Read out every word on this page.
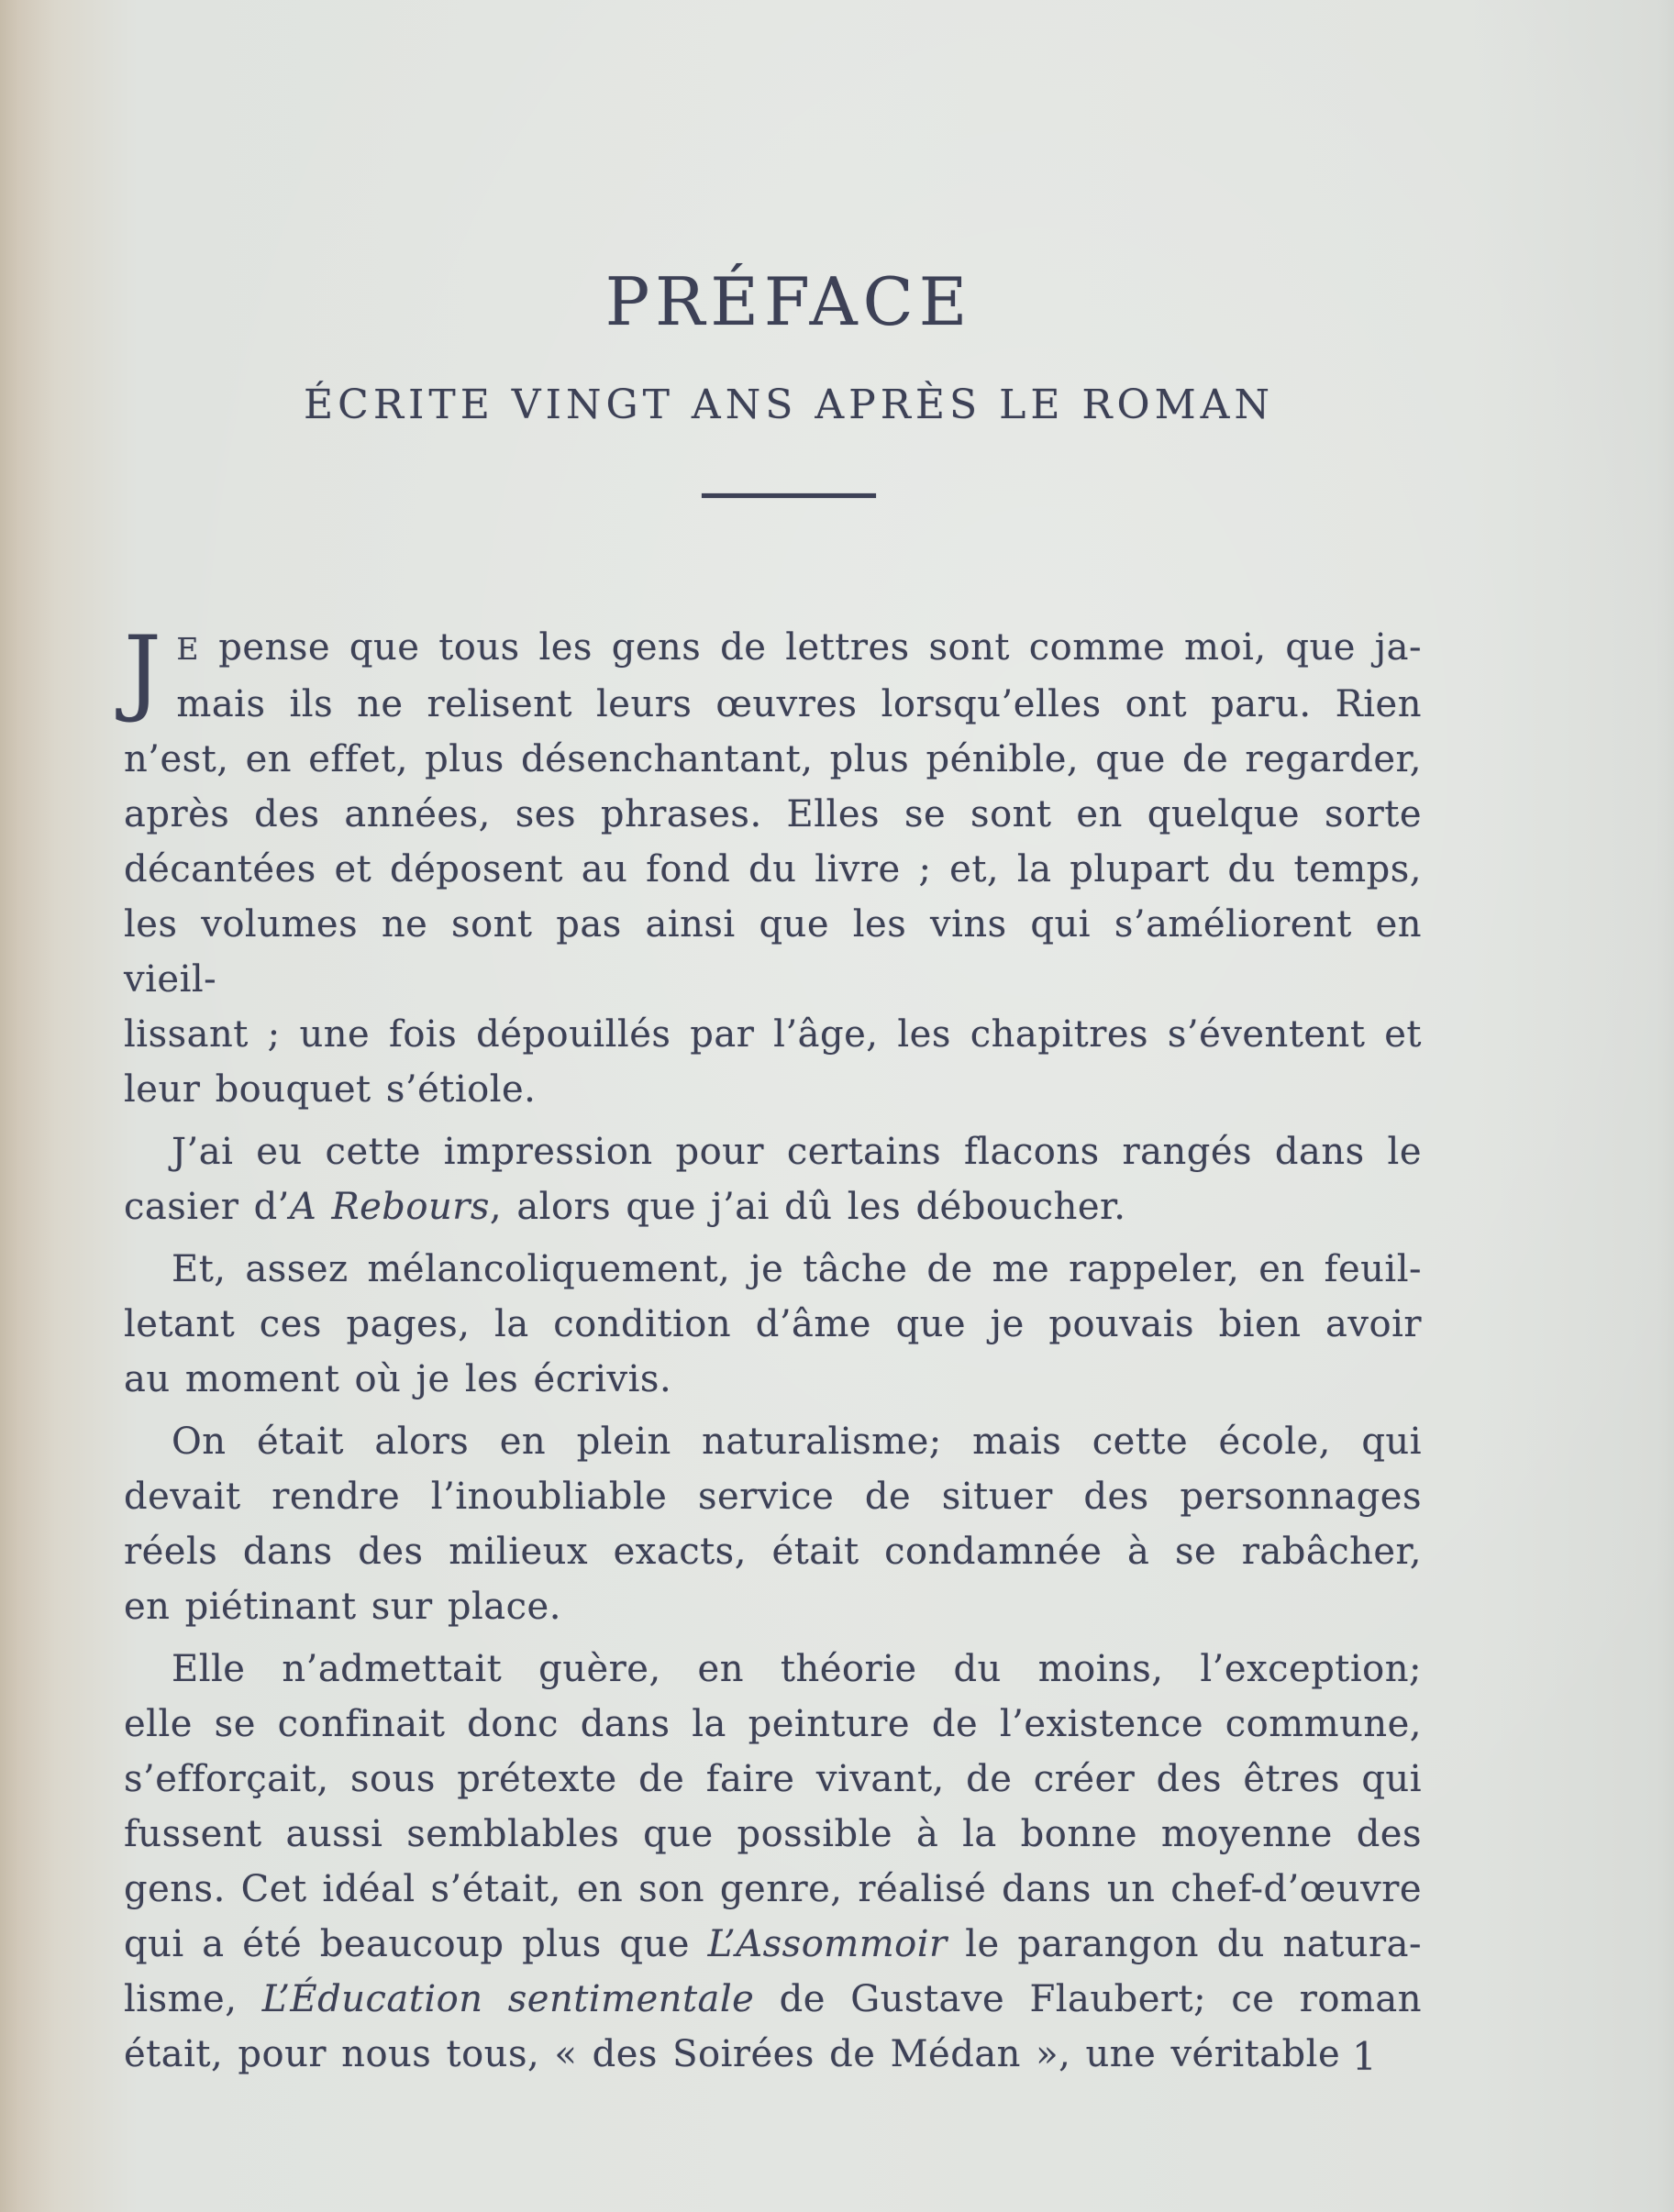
PRÉFACE
ÉCRITE VINGT ANS APRÈS LE ROMAN
J E pense que tous les gens de lettres sont comme moi, que ja-
mais ils ne relisent leurs œuvres lorsqu’elles ont paru. Rien
n’est, en effet, plus désenchantant, plus pénible, que de regarder,
après des années, ses phrases. Elles se sont en quelque sorte
décantées et déposent au fond du livre ; et, la plupart du temps,
les volumes ne sont pas ainsi que les vins qui s’améliorent en vieil-
lissant ; une fois dépouillés par l’âge, les chapitres s’éventent et
leur bouquet s’étiole.
J’ai eu cette impression pour certains flacons rangés dans le
casier d’A Rebours, alors que j’ai dû les déboucher.
Et, assez mélancoliquement, je tâche de me rappeler, en feuil-
letant ces pages, la condition d’âme que je pouvais bien avoir
au moment où je les écrivis.
On était alors en plein naturalisme; mais cette école, qui
devait rendre l’inoubliable service de situer des personnages
réels dans des milieux exacts, était condamnée à se rabâcher,
en piétinant sur place.
Elle n’admettait guère, en théorie du moins, l’exception;
elle se confinait donc dans la peinture de l’existence commune,
s’efforçait, sous prétexte de faire vivant, de créer des êtres qui
fussent aussi semblables que possible à la bonne moyenne des
gens. Cet idéal s’était, en son genre, réalisé dans un chef-d’œuvre
qui a été beaucoup plus que L’Assommoir le parangon du natura-
lisme, L’Éducation sentimentale de Gustave Flaubert; ce roman
était, pour nous tous, « des Soirées de Médan », une véritable 1
